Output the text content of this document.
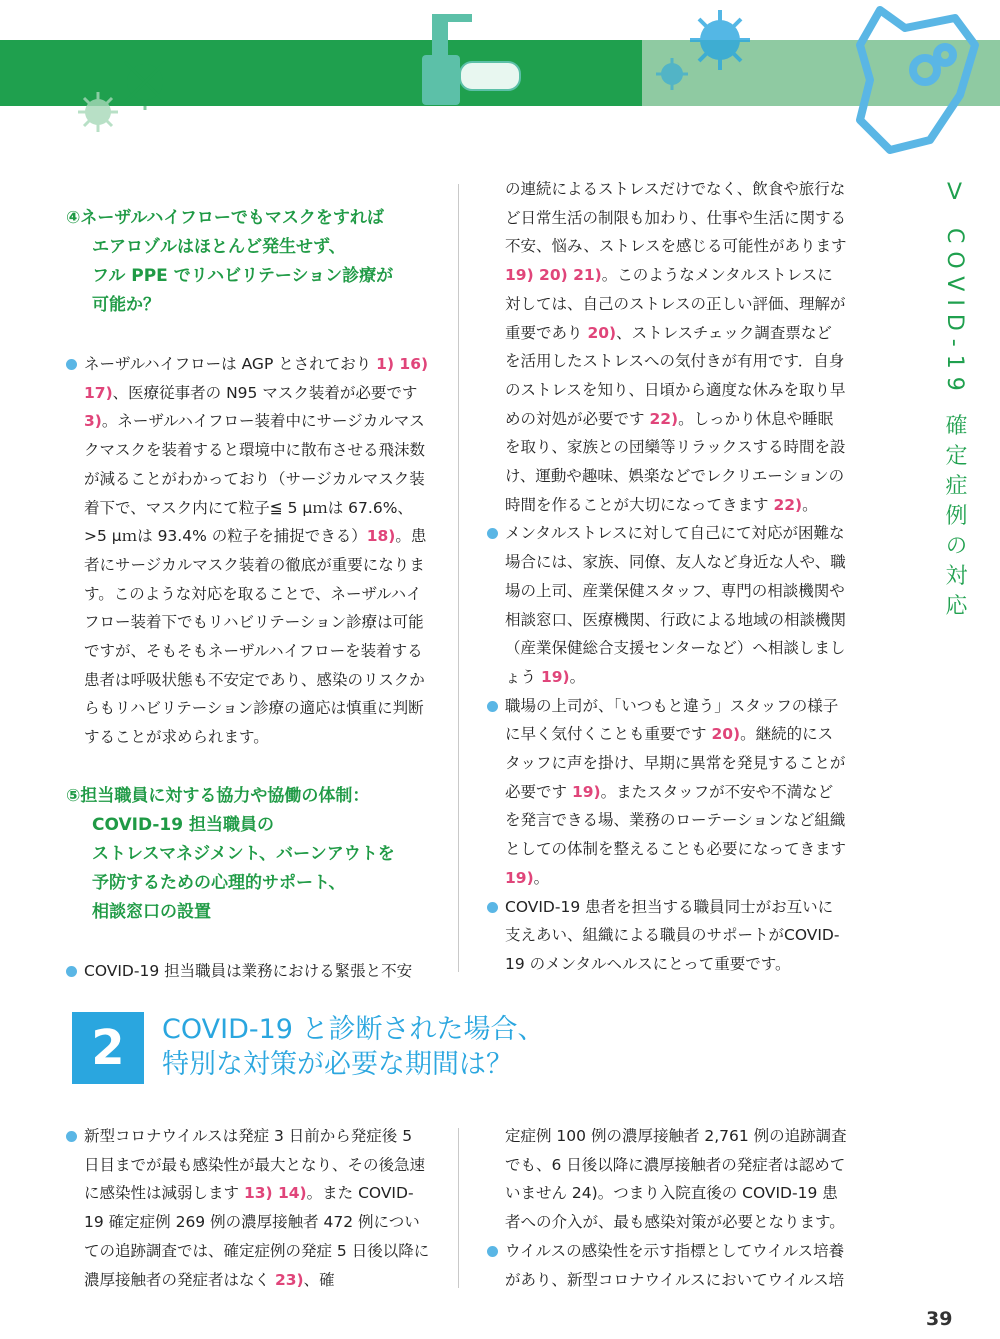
Ⅴ COVID-19 確定症例の対応
④ネーザルハイフローでもマスクをすれば
エアロゾルはほとんど発生せず、
フル PPE でリハビリテーション診療が
可能か？

ネーザルハイフローは AGP とされており 1) 16) 17)、医療従事者の N95 マスク装着が必要です 3)。ネーザルハイフロー装着中にサージカルマスクマスクを装着すると環境中に散布させる飛沫数が減ることがわかっており（サージカルマスク装着下で、マスク内にて粒子≦ 5 μｍは 67.6%、>5 μｍは 93.4% の粒子を捕捉できる）18)。患者にサージカルマスク装着の徹底が重要になります。このような対応を取ることで、ネーザルハイフロー装着下でもリハビリテーション診療は可能ですが、そもそもネーザルハイフローを装着する患者は呼吸状態も不安定であり、感染のリスクからもリハビリテーション診療の適応は慎重に判断することが求められます。

⑤担当職員に対する協力や協働の体制：
COVID-19 担当職員の
ストレスマネジメント、バーンアウトを
予防するための心理的サポート、
相談窓口の設置

COVID-19 担当職員は業務における緊張と不安

の連続によるストレスだけでなく、飲食や旅行など日常生活の制限も加わり、仕事や生活に関する不安、悩み、ストレスを感じる可能性があります 19) 20) 21)。このようなメンタルストレスに対しては、自己のストレスの正しい評価、理解が重要であり 20)、ストレスチェック調査票などを活用したストレスへの気付きが有用です．自身のストレスを知り、日頃から適度な休みを取り早めの対処が必要です 22)。しっかり休息や睡眠を取り、家族との団欒等リラックスする時間を設け、運動や趣味、娯楽などでレクリエーションの時間を作ることが大切になってきます 22)。

メンタルストレスに対して自己にて対応が困難な場合には、家族、同僚、友人など身近な人や、職場の上司、産業保健スタッフ、専門の相談機関や相談窓口、医療機関、行政による地域の相談機関（産業保健総合支援センターなど）へ相談しましょう 19)。

職場の上司が、「いつもと違う」スタッフの様子に早く気付くことも重要です 20)。継続的にスタッフに声を掛け、早期に異常を発見することが必要です 19)。またスタッフが不安や不満などを発言できる場、業務のローテーションなど組織としての体制を整えることも必要になってきます 19)。

COVID-19 患者を担当する職員同士がお互いに支えあい、組織による職員のサポートがCOVID-19 のメンタルヘルスにとって重要です。

2	COVID-19 と診断された場合、
特別な対策が必要な期間は？

新型コロナウイルスは発症 3 日前から発症後 5 日目までが最も感染性が最大となり、その後急速に感染性は減弱します 13) 14)。また COVID-19 確定症例 269 例の濃厚接触者 472 例についての追跡調査では、確定症例の発症 5 日後以降に濃厚接触者の発症者はなく 23)、確

定症例 100 例の濃厚接触者 2,761 例の追跡調査でも、6 日後以降に濃厚接触者の発症者は認めていません 24)。つまり入院直後の COVID-19 患者への介入が、最も感染対策が必要となります。

ウイルスの感染性を示す指標としてウイルス培養があり、新型コロナウイルスにおいてウイルス培

39
